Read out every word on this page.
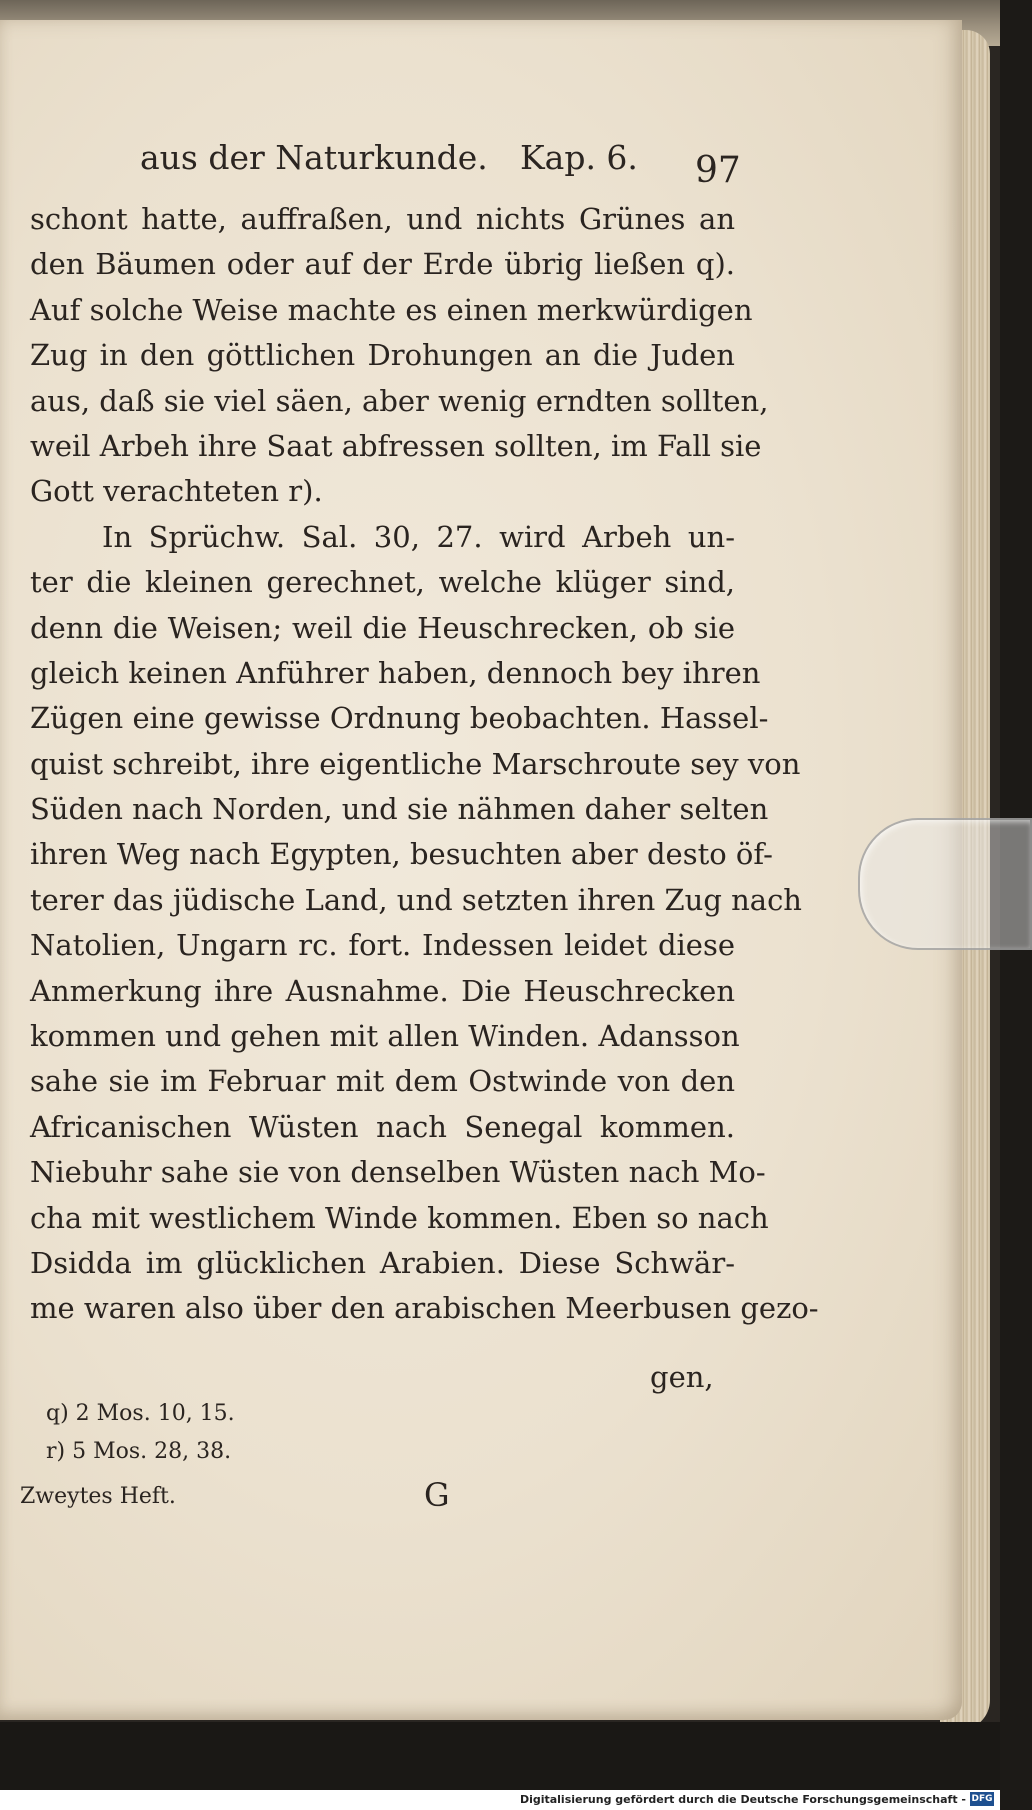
aus der Naturkunde. Kap. 6. 97
schont hatte, auffraßen, und nichts Grünes an
den Bäumen oder auf der Erde übrig ließen q).
Auf solche Weise machte es einen merkwürdigen
Zug in den göttlichen Drohungen an die Juden
aus, daß sie viel säen, aber wenig erndten sollten,
weil Arbeh ihre Saat abfressen sollten, im Fall sie
Gott verachteten r).
In Sprüchw. Sal. 30, 27. wird Arbeh un-
ter die kleinen gerechnet, welche klüger sind,
denn die Weisen; weil die Heuschrecken, ob sie
gleich keinen Anführer haben, dennoch bey ihren
Zügen eine gewisse Ordnung beobachten. Hassel-
quist schreibt, ihre eigentliche Marschroute sey von
Süden nach Norden, und sie nähmen daher selten
ihren Weg nach Egypten, besuchten aber desto öf-
terer das jüdische Land, und setzten ihren Zug nach
Natolien, Ungarn rc. fort. Indessen leidet diese
Anmerkung ihre Ausnahme. Die Heuschrecken
kommen und gehen mit allen Winden. Adansson
sahe sie im Februar mit dem Ostwinde von den
Africanischen Wüsten nach Senegal kommen.
Niebuhr sahe sie von denselben Wüsten nach Mo-
cha mit westlichem Winde kommen. Eben so nach
Dsidda im glücklichen Arabien. Diese Schwär-
me waren also über den arabischen Meerbusen gezo-
gen,
q) 2 Mos. 10, 15.
r) 5 Mos. 28, 38.
Zweytes Heft.	G
Digitalisierung gefördert durch die Deutsche Forschungsgemeinschaft - DFG
